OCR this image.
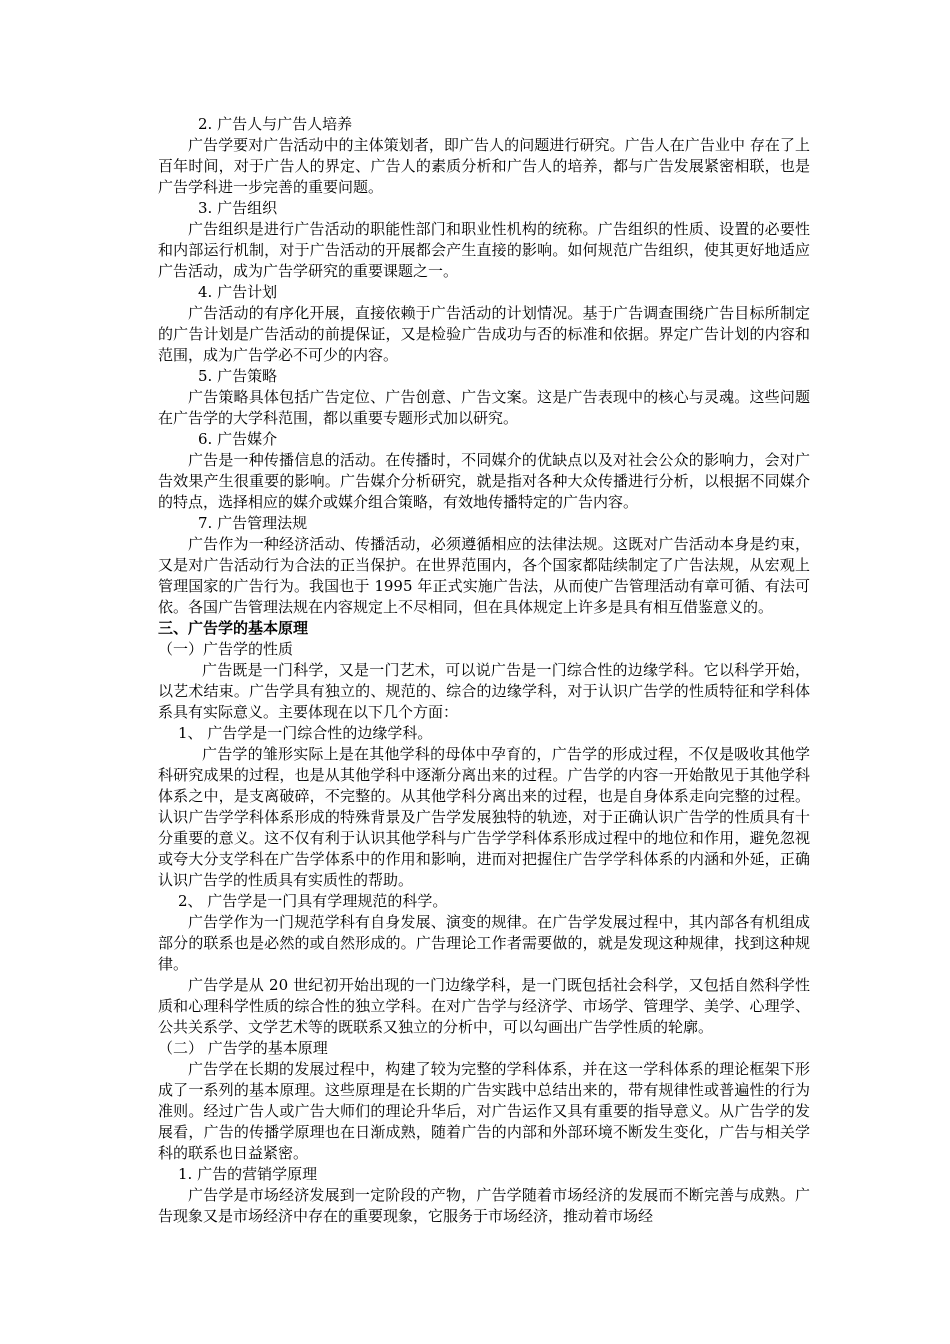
2. 广告人与广告人培养

广告学要对广告活动中的主体策划者，即广告人的问题进行研究。广告人在广告业中 存在了上百年时间，对于广告人的界定、广告人的素质分析和广告人的培养，都与广告发展紧密相联，也是广告学科进一步完善的重要问题。

3. 广告组织

广告组织是进行广告活动的职能性部门和职业性机构的统称。广告组织的性质、设置的必要性和内部运行机制，对于广告活动的开展都会产生直接的影响。如何规范广告组织，使其更好地适应广告活动，成为广告学研究的重要课题之一。

4. 广告计划

广告活动的有序化开展，直接依赖于广告活动的计划情况。基于广告调查围绕广告目标所制定的广告计划是广告活动的前提保证，又是检验广告成功与否的标准和依据。界定广告计划的内容和范围，成为广告学必不可少的内容。

5. 广告策略

广告策略具体包括广告定位、广告创意、广告文案。这是广告表现中的核心与灵魂。这些问题在广告学的大学科范围，都以重要专题形式加以研究。

6. 广告媒介

广告是一种传播信息的活动。在传播时，不同媒介的优缺点以及对社会公众的影响力，会对广告效果产生很重要的影响。广告媒介分析研究，就是指对各种大众传播进行分析，以根据不同媒介的特点，选择相应的媒介或媒介组合策略，有效地传播特定的广告内容。

7. 广告管理法规

广告作为一种经济活动、传播活动，必须遵循相应的法律法规。这既对广告活动本身是约束，又是对广告活动行为合法的正当保护。在世界范围内，各个国家都陆续制定了广告法规，从宏观上管理国家的广告行为。我国也于 1995 年正式实施广告法，从而使广告管理活动有章可循、有法可依。各国广告管理法规在内容规定上不尽相同，但在具体规定上许多是具有相互借鉴意义的。

三、广告学的基本原理

（一）广告学的性质

广告既是一门科学，又是一门艺术，可以说广告是一门综合性的边缘学科。它以科学开始，以艺术结束。广告学具有独立的、规范的、综合的边缘学科，对于认识广告学的性质特征和学科体系具有实际意义。主要体现在以下几个方面：

1、 广告学是一门综合性的边缘学科。

广告学的雏形实际上是在其他学科的母体中孕育的，广告学的形成过程，不仅是吸收其他学科研究成果的过程，也是从其他学科中逐渐分离出来的过程。广告学的内容一开始散见于其他学科体系之中，是支离破碎，不完整的。从其他学科分离出来的过程，也是自身体系走向完整的过程。认识广告学学科体系形成的特殊背景及广告学发展独特的轨迹，对于正确认识广告学的性质具有十分重要的意义。这不仅有利于认识其他学科与广告学学科体系形成过程中的地位和作用，避免忽视或夸大分支学科在广告学体系中的作用和影响，进而对把握住广告学学科体系的内涵和外延，正确认识广告学的性质具有实质性的帮助。

2、 广告学是一门具有学理规范的科学。

广告学作为一门规范学科有自身发展、演变的规律。在广告学发展过程中，其内部各有机组成部分的联系也是必然的或自然形成的。广告理论工作者需要做的，就是发现这种规律，找到这种规律。

广告学是从 20 世纪初开始出现的一门边缘学科，是一门既包括社会科学，又包括自然科学性质和心理科学性质的综合性的独立学科。在对广告学与经济学、市场学、管理学、美学、心理学、公共关系学、文学艺术等的既联系又独立的分析中，可以勾画出广告学性质的轮廓。

（二） 广告学的基本原理

广告学在长期的发展过程中，构建了较为完整的学科体系，并在这一学科体系的理论框架下形成了一系列的基本原理。这些原理是在长期的广告实践中总结出来的，带有规律性或普遍性的行为准则。经过广告人或广告大师们的理论升华后，对广告运作又具有重要的指导意义。从广告学的发展看，广告的传播学原理也在日渐成熟，随着广告的内部和外部环境不断发生变化，广告与相关学科的联系也日益紧密。

1. 广告的营销学原理

广告学是市场经济发展到一定阶段的产物，广告学随着市场经济的发展而不断完善与成熟。广告现象又是市场经济中存在的重要现象，它服务于市场经济，推动着市场经
